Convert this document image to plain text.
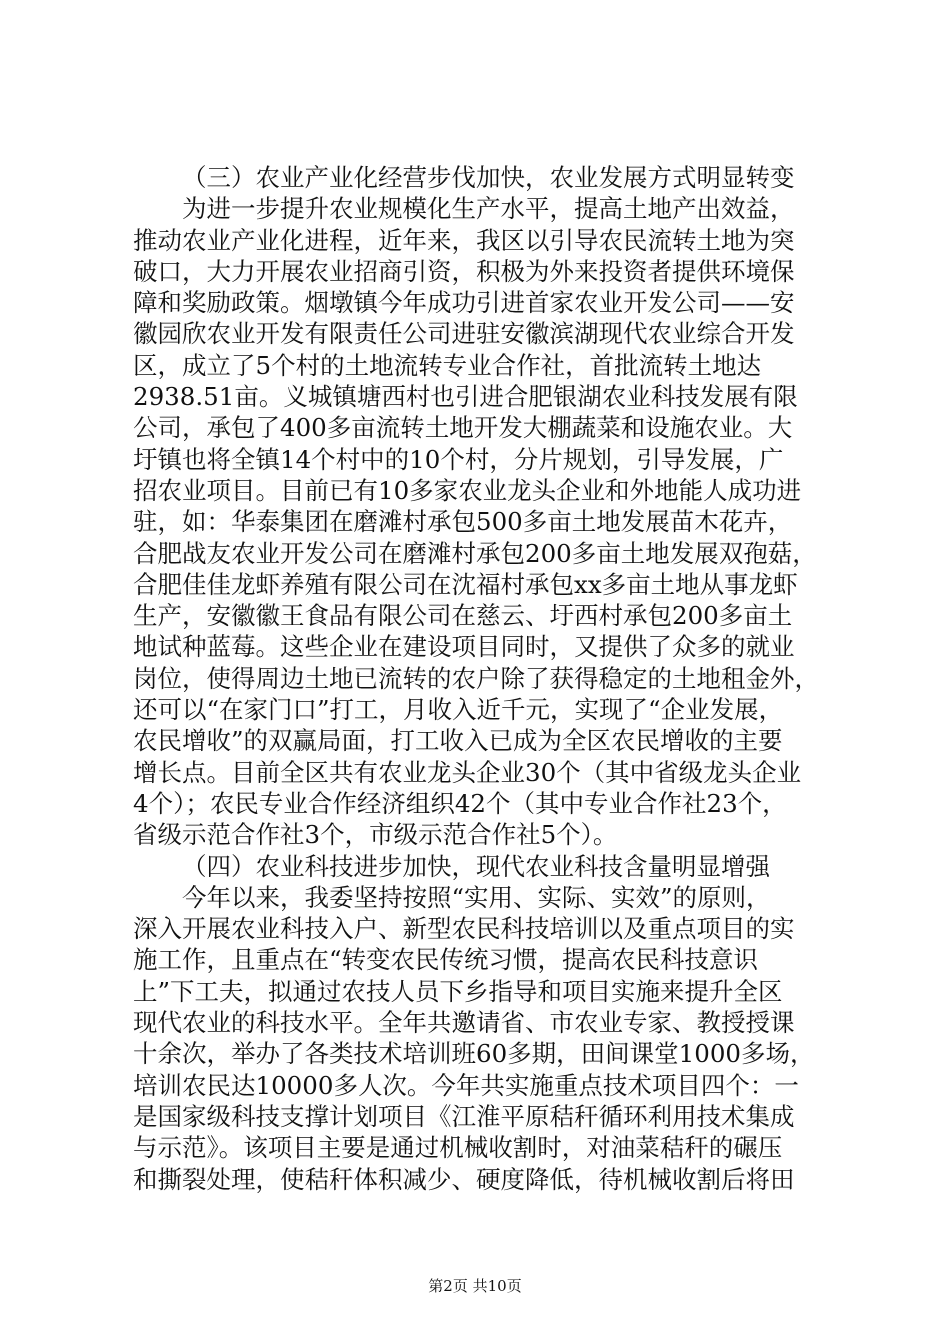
（三）农业产业化经营步伐加快，农业发展方式明显转变
为进一步提升农业规模化生产水平，提高土地产出效益，
推动农业产业化进程，近年来，我区以引导农民流转土地为突
破口，大力开展农业招商引资，积极为外来投资者提供环境保
障和奖励政策。烟墩镇今年成功引进首家农业开发公司——安
徽园欣农业开发有限责任公司进驻安徽滨湖现代农业综合开发
区，成立了5个村的土地流转专业合作社，首批流转土地达
2938.51亩。义城镇塘西村也引进合肥银湖农业科技发展有限
公司，承包了400多亩流转土地开发大棚蔬菜和设施农业。大
圩镇也将全镇14个村中的10个村，分片规划，引导发展，广
招农业项目。目前已有10多家农业龙头企业和外地能人成功进
驻，如：华泰集团在磨滩村承包500多亩土地发展苗木花卉，
合肥战友农业开发公司在磨滩村承包200多亩土地发展双孢菇，
合肥佳佳龙虾养殖有限公司在沈福村承包xx多亩土地从事龙虾
生产，安徽徽王食品有限公司在慈云、圩西村承包200多亩土
地试种蓝莓。这些企业在建设项目同时，又提供了众多的就业
岗位，使得周边土地已流转的农户除了获得稳定的土地租金外，
还可以“在家门口”打工，月收入近千元，实现了“企业发展，
农民增收”的双赢局面，打工收入已成为全区农民增收的主要
增长点。目前全区共有农业龙头企业30个（其中省级龙头企业
4个）；农民专业合作经济组织42个（其中专业合作社23个，
省级示范合作社3个，市级示范合作社5个）。
（四）农业科技进步加快，现代农业科技含量明显增强
今年以来，我委坚持按照“实用、实际、实效”的原则，
深入开展农业科技入户、新型农民科技培训以及重点项目的实
施工作，且重点在“转变农民传统习惯，提高农民科技意识
上”下工夫，拟通过农技人员下乡指导和项目实施来提升全区
现代农业的科技水平。全年共邀请省、市农业专家、教授授课
十余次，举办了各类技术培训班60多期，田间课堂1000多场，
培训农民达10000多人次。今年共实施重点技术项目四个：一
是国家级科技支撑计划项目《江淮平原秸秆循环利用技术集成
与示范》。该项目主要是通过机械收割时，对油菜秸秆的碾压
和撕裂处理，使秸秆体积减少、硬度降低，待机械收割后将田
第2页 共10页
